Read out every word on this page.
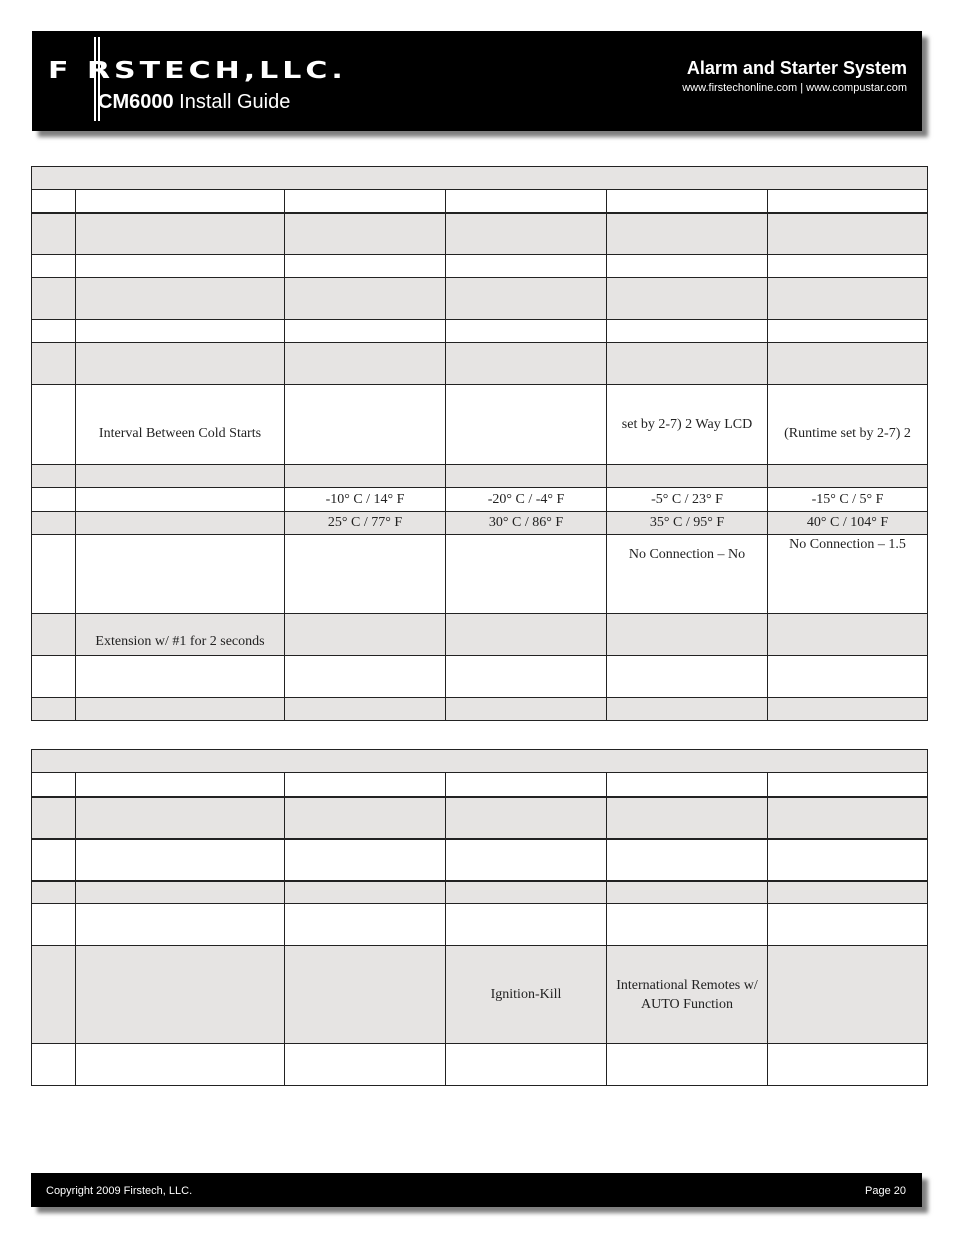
F RSTECH,LLC.
CM6000 Install Guide
Alarm and Starter System
www.firstechonline.com | www.compustar.com

	Interval Between Cold Starts			set by 2-7) 2 Way LCD	(Runtime set by 2-7) 2

		-10° C / 14° F	-20° C / -4° F	-5° C / 23° F	-15° C / 5° F
		25° C / 77° F	30° C / 86° F	35° C / 95° F	40° C / 104° F
				No Connection – No	No Connection – 1.5
	Extension w/ #1 for 2 seconds				

			Ignition-Kill	International Remotes w/ AUTO Function	

Copyright 2009 Firstech, LLC.	Page 20
